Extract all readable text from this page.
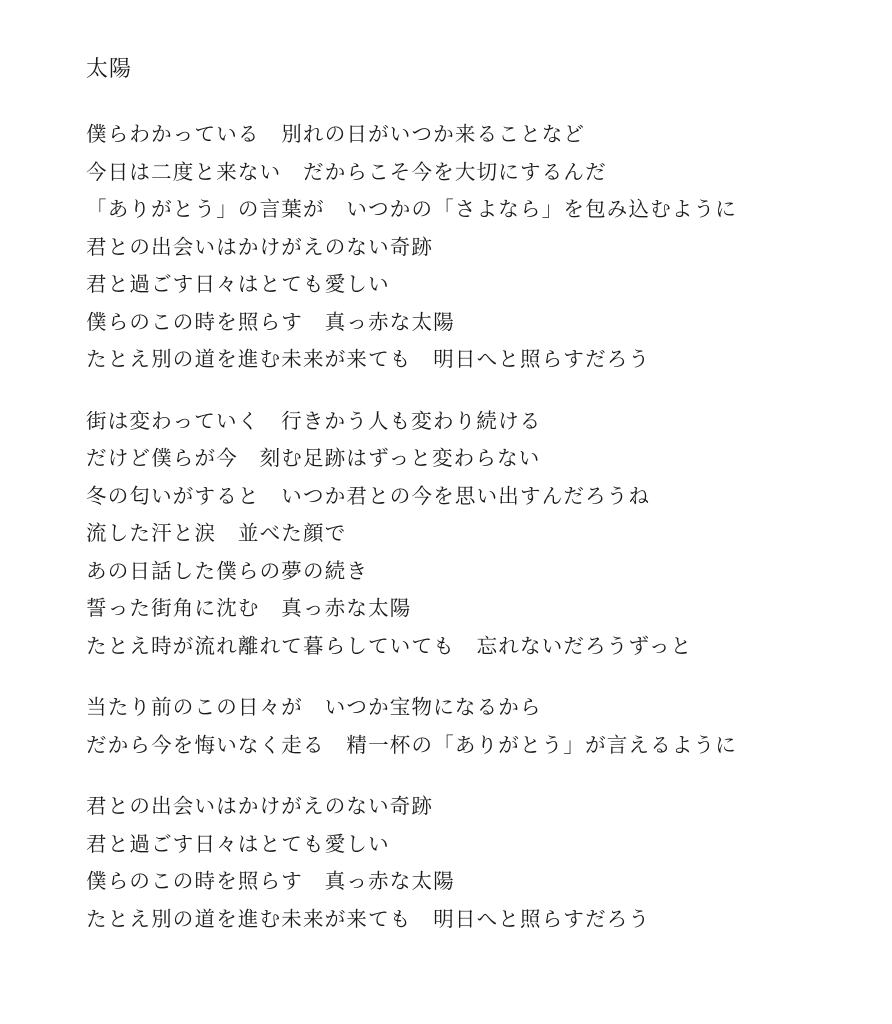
太陽
僕らわかっている　別れの日がいつか来ることなど
今日は二度と来ない　だからこそ今を大切にするんだ
「ありがとう」の言葉が　いつかの「さよなら」を包み込むように
君との出会いはかけがえのない奇跡
君と過ごす日々はとても愛しい
僕らのこの時を照らす　真っ赤な太陽
たとえ別の道を進む未来が来ても　明日へと照らすだろう
街は変わっていく　行きかう人も変わり続ける
だけど僕らが今　刻む足跡はずっと変わらない
冬の匂いがすると　いつか君との今を思い出すんだろうね
流した汗と涙　並べた顔で
あの日話した僕らの夢の続き
誓った街角に沈む　真っ赤な太陽
たとえ時が流れ離れて暮らしていても　忘れないだろうずっと
当たり前のこの日々が　いつか宝物になるから
だから今を悔いなく走る　精一杯の「ありがとう」が言えるように
君との出会いはかけがえのない奇跡
君と過ごす日々はとても愛しい
僕らのこの時を照らす　真っ赤な太陽
たとえ別の道を進む未来が来ても　明日へと照らすだろう
